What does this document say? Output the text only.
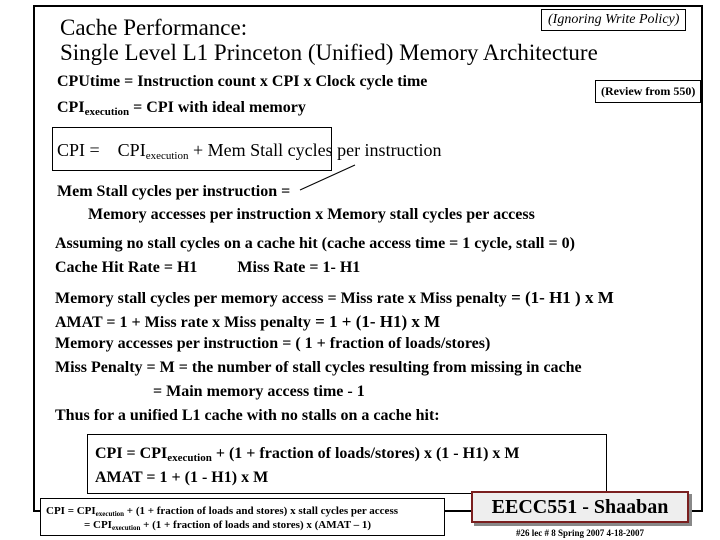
(Ignoring Write Policy)
Cache Performance:
Single Level L1 Princeton (Unified) Memory Architecture
CPUtime = Instruction count x CPI x Clock cycle time
(Review from 550)
$CPI_{execution}$ = CPI with ideal memory
CPI = $CPI_{execution}$ + Mem Stall cycles per instruction
Mem Stall cycles per instruction =
Memory accesses per instruction x Memory stall cycles per access
Assuming no stall cycles on a cache hit (cache access time = 1 cycle, stall = 0)
Cache Hit Rate = H1          Miss Rate = 1- H1
Memory stall cycles per memory access = Miss rate x Miss penalty = (1- H1 ) x M
AMAT = 1 + Miss rate x Miss penalty = 1 + (1- H1) x M
Memory accesses per instruction = ( 1 + fraction of loads/stores)
Miss Penalty = M = the number of stall cycles resulting from missing in cache
= Main memory access time - 1
Thus for a unified L1 cache with no stalls on a cache hit:
CPI = $CPI_{execution} + (1$ + fraction of loads/stores) x (1 - H1) x M
AMAT = 1 + (1 - H1) x M
CPI = $CPI_{execution} + (1$ + fraction of loads and stores) x stall cycles per access
= $CPI_{execution} + (1$ + fraction of loads and stores) x (AMAT – 1)
EECC551 - Shaaban
#26 lec # 8 Spring 2007 4-18-2007
